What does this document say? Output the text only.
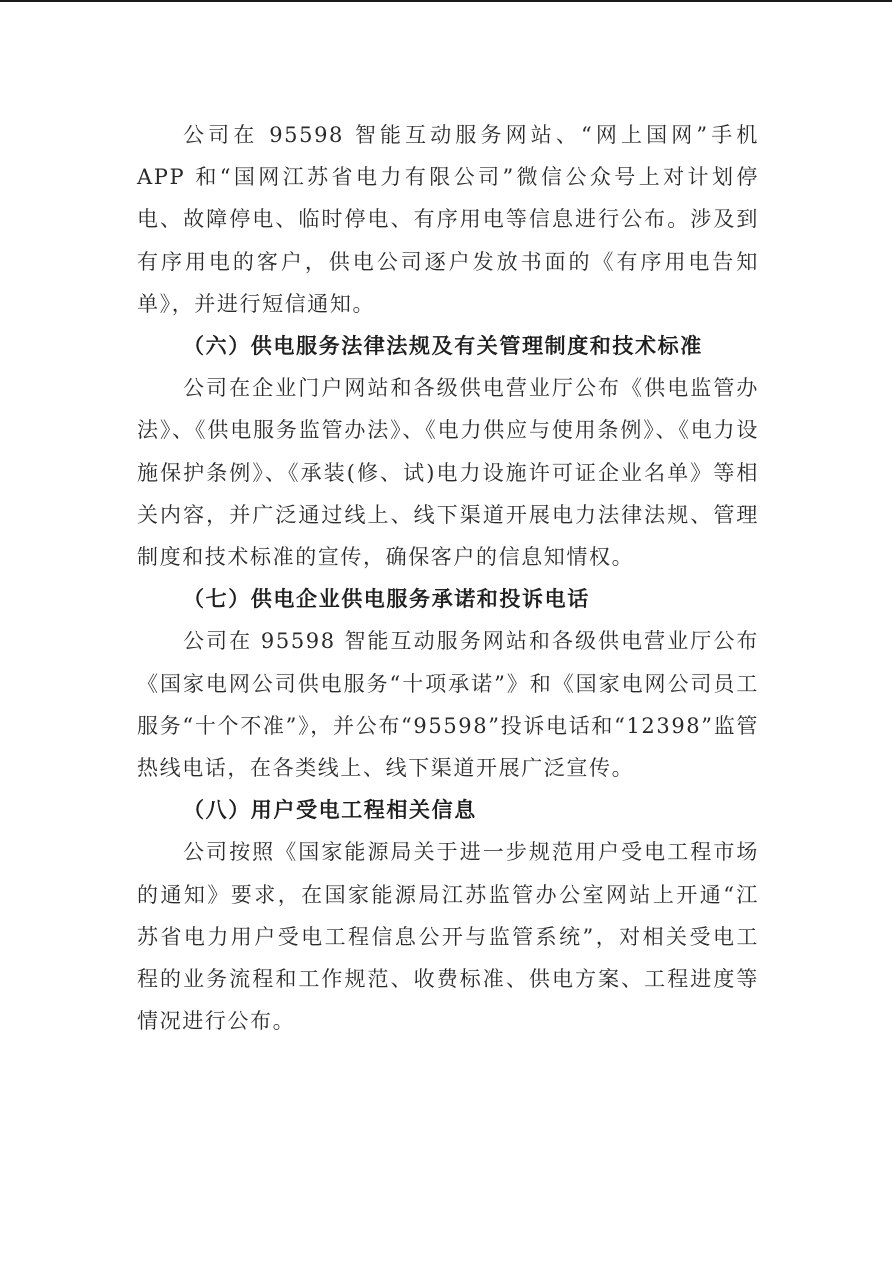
公司在 95598 智能互动服务网站、“网上国网”手机 APP 和“国网江苏省电力有限公司”微信公众号上对计划停电、故障停电、临时停电、有序用电等信息进行公布。涉及到有序用电的客户，供电公司逐户发放书面的《有序用电告知单》，并进行短信通知。

（六）供电服务法律法规及有关管理制度和技术标准

公司在企业门户网站和各级供电营业厅公布《供电监管办法》、《供电服务监管办法》、《电力供应与使用条例》、《电力设施保护条例》、《承装(修、试)电力设施许可证企业名单》等相关内容，并广泛通过线上、线下渠道开展电力法律法规、管理制度和技术标准的宣传，确保客户的信息知情权。

（七）供电企业供电服务承诺和投诉电话

公司在 95598 智能互动服务网站和各级供电营业厅公布《国家电网公司供电服务“十项承诺”》和《国家电网公司员工服务“十个不准”》，并公布“95598”投诉电话和“12398”监管热线电话，在各类线上、线下渠道开展广泛宣传。

（八）用户受电工程相关信息

公司按照《国家能源局关于进一步规范用户受电工程市场的通知》要求，在国家能源局江苏监管办公室网站上开通“江苏省电力用户受电工程信息公开与监管系统”，对相关受电工程的业务流程和工作规范、收费标准、供电方案、工程进度等情况进行公布。
